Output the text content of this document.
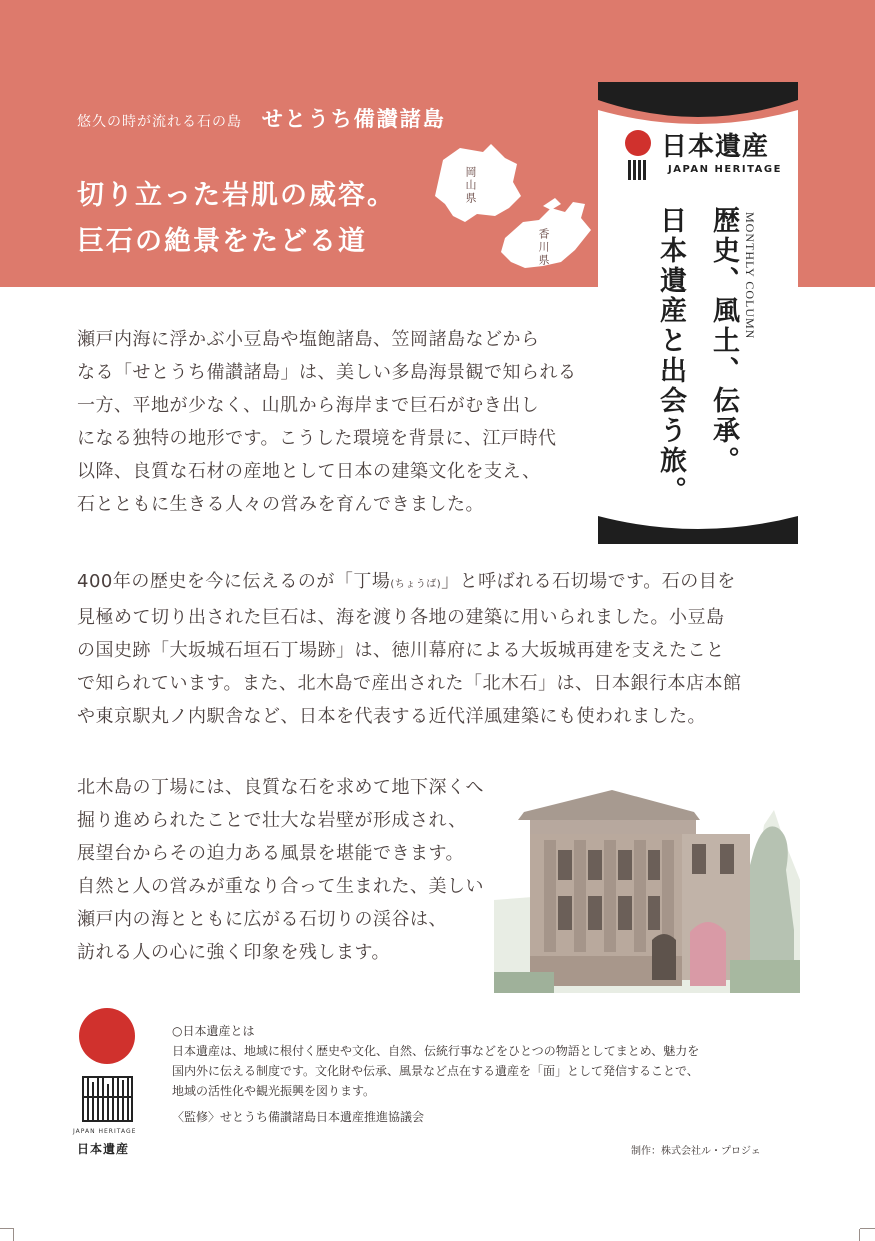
悠久の時が流れる石の島 せとうち備讃諸島
切り立った岩肌の威容。
巨石の絶景をたどる道
岡山県
香川県
日本遺産
JAPAN HERITAGE
MONTHLY COLUMN
歴史、風土、伝承。
日本遺産と出会う旅。

瀬戸内海に浮かぶ小豆島や塩飽諸島、笠岡諸島などから

なる「せとうち備讃諸島」は、美しい多島海景観で知られる

一方、平地が少なく、山肌から海岸まで巨石がむき出し

になる独特の地形です。こうした環境を背景に、江戸時代

以降、良質な石材の産地として日本の建築文化を支え、

石とともに生きる人々の営みを育んできました。

400年の歴史を今に伝えるのが「丁場(ちょうば)」と呼ばれる石切場です。石の目を

見極めて切り出された巨石は、海を渡り各地の建築に用いられました。小豆島

の国史跡「大坂城石垣石丁場跡」は、徳川幕府による大坂城再建を支えたこと

で知られています。また、北木島で産出された「北木石」は、日本銀行本店本館

や東京駅丸ノ内駅舎など、日本を代表する近代洋風建築にも使われました。

北木島の丁場には、良質な石を求めて地下深くへ

掘り進められたことで壮大な岩壁が形成され、

展望台からその迫力ある風景を堪能できます。

自然と人の営みが重なり合って生まれた、美しい

瀬戸内の海とともに広がる石切りの渓谷は、

訪れる人の心に強く印象を残します。

JAPAN HERITAGE
日本遺産

○日本遺産とは

日本遺産は、地域に根付く歴史や文化、自然、伝統行事などをひとつの物語としてまとめ、魅力を

国内外に伝える制度です。文化財や伝承、風景など点在する遺産を「面」として発信することで、

地域の活性化や観光振興を図ります。

〈監修〉せとうち備讃諸島日本遺産推進協議会

制作：株式会社ル・プロジェ
